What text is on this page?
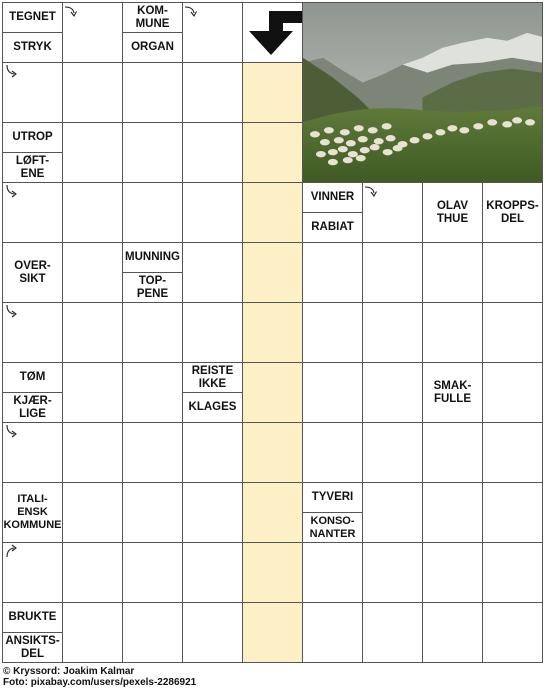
TEGNET
STRYK
KOM-
MUNE
ORGAN
UTROP
LØFT-
ENE
VINNER
RABIAT
OLAV
THUE
KROPPS-
DEL
OVER-
SIKT
MUNNING
TOP-
PENE
TØM
KJÆR-
LIGE
REISTE
IKKE
KLAGES
SMAK-
FULLE
ITALI-
ENSK
KOMMUNE
TYVERI
KONSO-
NANTER
BRUKTE
ANSIKTS-
DEL
© Kryssord: Joakim Kalmar
Foto: pixabay.com/users/pexels-2286921
